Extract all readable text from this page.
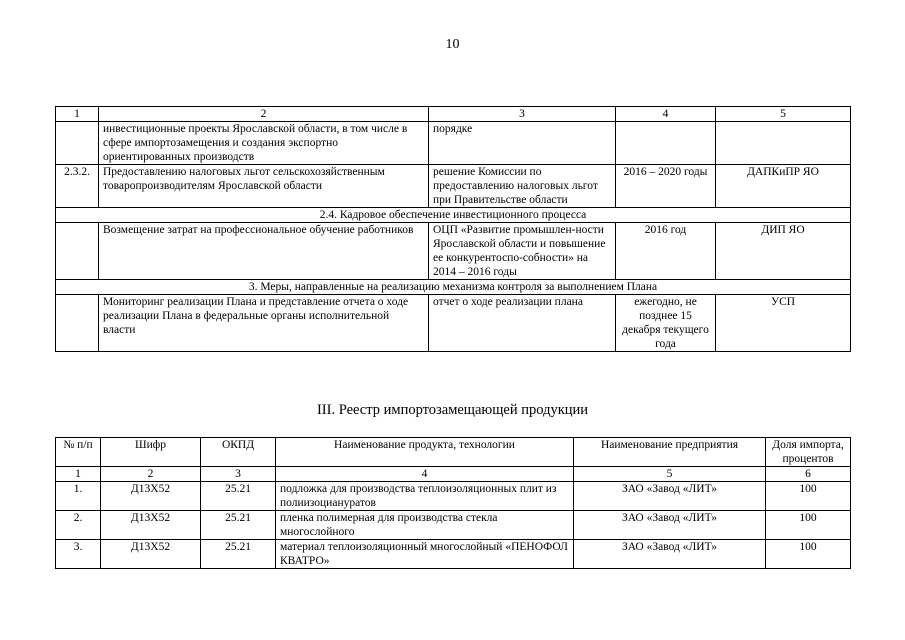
10
1	2	3	4	5
	инвестиционные проекты Ярославской области, в том числе в сфере импортозамещения и создания экспортно ориентированных производств	порядке		
2.3.2.	Предоставлению налоговых льгот сельскохозяйственным товаропроизводителям Ярославской области	решение Комиссии по предоставлению налоговых льгот при Правительстве области	2016 – 2020 годы	ДАПКиПР ЯО
2.4. Кадровое обеспечение инвестиционного процесса				
	Возмещение затрат на профессиональное обучение работников	ОЦП «Развитие промышлен-ности Ярославской области и повышение ее конкурентоспо-собности» на 2014 – 2016 годы	2016 год	ДИП ЯО
3. Меры, направленные на реализацию механизма контроля за выполнением Плана				
	Мониторинг реализации Плана и представление отчета о ходе реализации Плана в федеральные органы исполнительной власти	отчет о ходе реализации плана	ежегодно, не позднее 15 декабря текущего года	УСП
III. Реестр импортозамещающей продукции
№ п/п	Шифр	ОКПД	Наименование продукта, технологии	Наименование предприятия	Доля импорта, процентов
1	2	3	4	5	6
1.	Д13Х52	25.21	подложка для производства теплоизоляционных плит из полиизоциануратов	ЗАО «Завод «ЛИТ»	100
2.	Д13Х52	25.21	пленка полимерная для производства стекла многослойного	ЗАО «Завод «ЛИТ»	100
3.	Д13Х52	25.21	материал теплоизоляционный многослойный «ПЕНОФОЛ КВАТРО»	ЗАО «Завод «ЛИТ»	100
